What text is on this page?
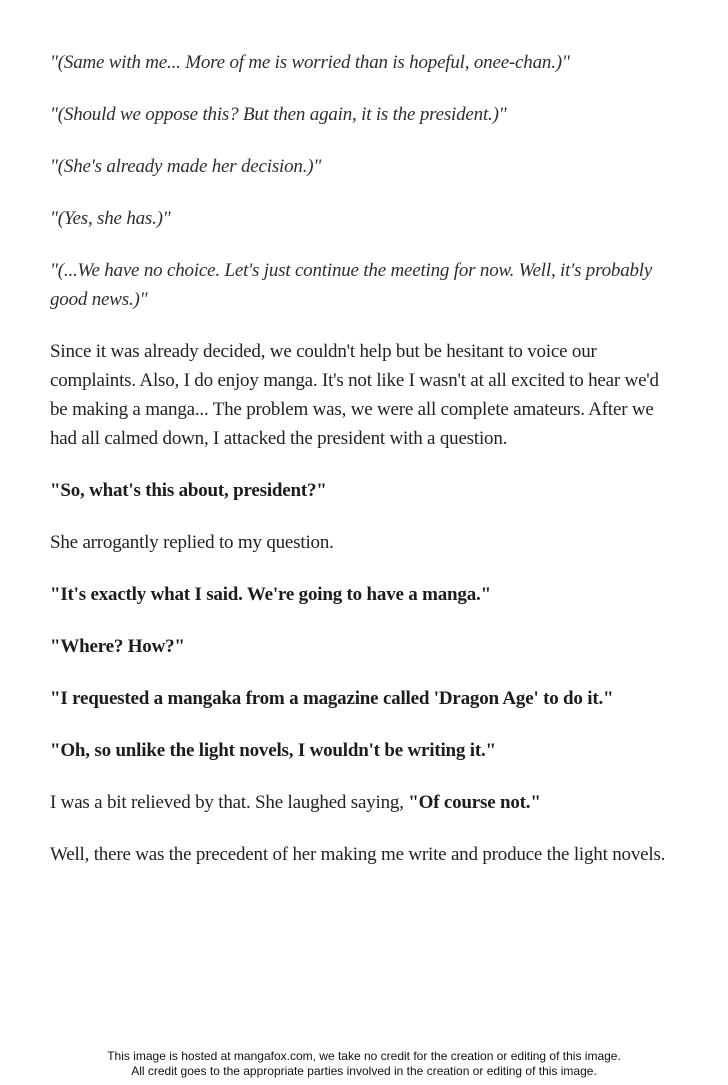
"(Same with me... More of me is worried than is hopeful, onee-chan.)"

"(Should we oppose this? But then again, it is the president.)"

"(She's already made her decision.)"

"(Yes, she has.)"

"(...We have no choice. Let's just continue the meeting for now. Well, it's probably good news.)"

Since it was already decided, we couldn't help but be hesitant to voice our complaints. Also, I do enjoy manga. It's not like I wasn't at all excited to hear we'd be making a manga... The problem was, we were all complete amateurs. After we had all calmed down, I attacked the president with a question.

"So, what's this about, president?"

She arrogantly replied to my question.

"It's exactly what I said. We're going to have a manga."

"Where? How?"

"I requested a mangaka from a magazine called 'Dragon Age' to do it."

"Oh, so unlike the light novels, I wouldn't be writing it."

I was a bit relieved by that. She laughed saying, "Of course not."

Well, there was the precedent of her making me write and produce the light novels.

This image is hosted at mangafox.com, we take no credit for the creation or editing of this image.
All credit goes to the appropriate parties involved in the creation or editing of this image.
